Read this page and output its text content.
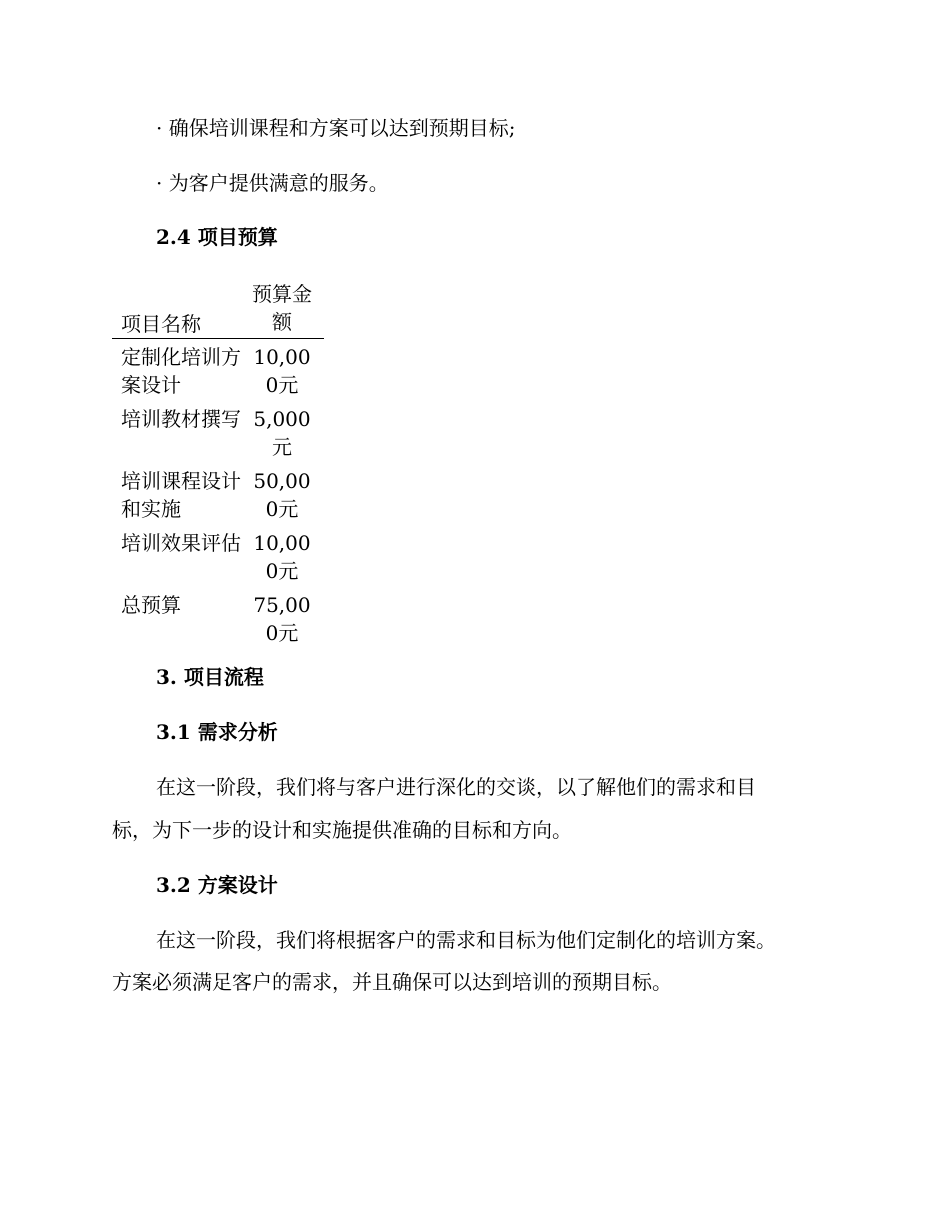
· 确保培训课程和方案可以达到预期目标;
· 为客户提供满意的服务。
2.4 项目预算
项目名称
预算金额
定制化培训方案设计
10,000元
培训教材撰写 5,000元
培训课程设计和实施
50,000元
培训效果评估 10,000元
总预算	75,000元
3. 项目流程
3.1 需求分析
在这一阶段，我们将与客户进行深化的交谈，以了解他们的需求和目
标，为下一步的设计和实施提供准确的目标和方向。
3.2 方案设计
在这一阶段，我们将根据客户的需求和目标为他们定制化的培训方案。
方案必须满足客户的需求，并且确保可以达到培训的预期目标。
